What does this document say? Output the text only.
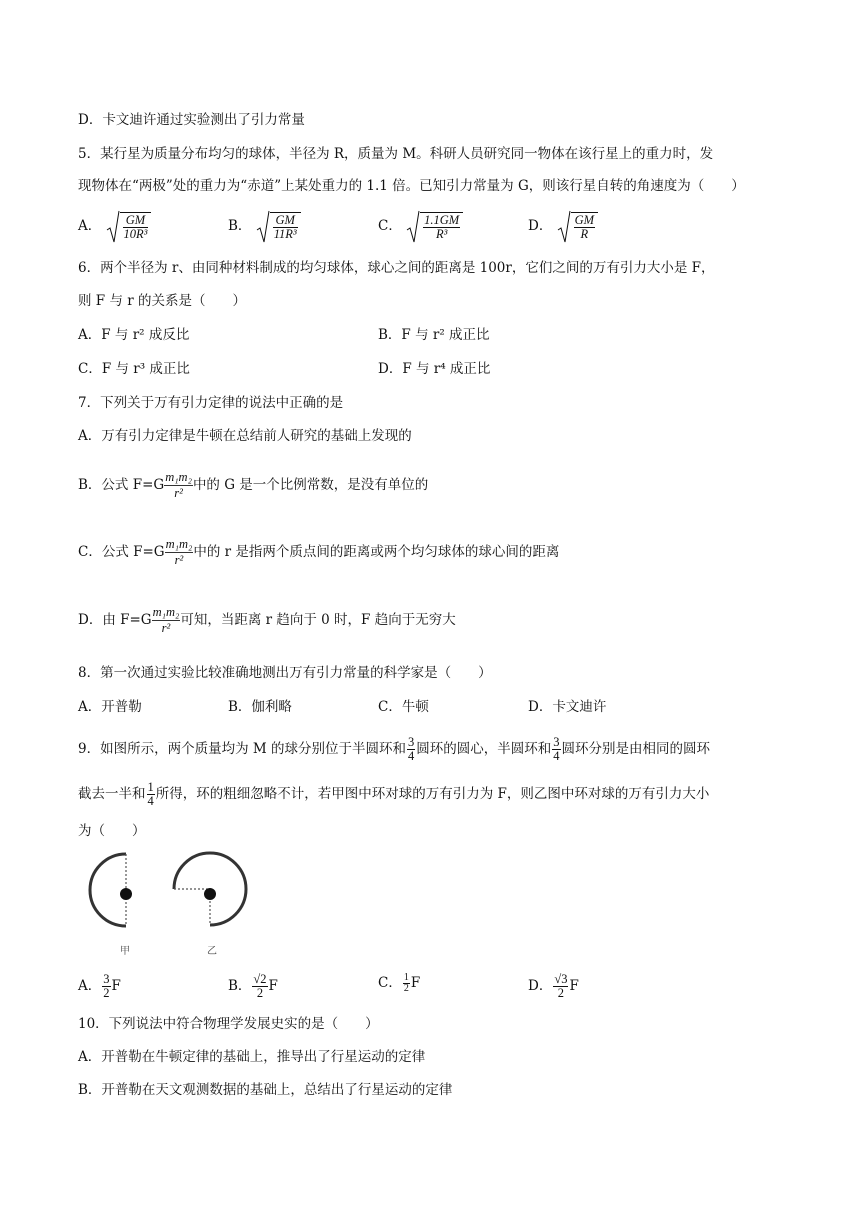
D．卡文迪许通过实验测出了引力常量
5．某行星为质量分布均匀的球体，半径为 R，质量为 M。科研人员研究同一物体在该行星上的重力时，发
现物体在“两极”处的重力为“赤道”上某处重力的 1.1 倍。已知引力常量为 G，则该行星自转的角速度为（　　）
A． $\frac{GM}{\text{10R³}}$	B． $\frac{GM}{\text{11R³}}$	C． $\frac{1.1GM}{\text{R³}}$	D． $\frac{GM}{R}$
6．两个半径为 r、由同种材料制成的均匀球体，球心之间的距离是 100r，它们之间的万有引力大小是 F，
则 F 与 r 的关系是（　　）
A．F 与 r² 成反比	B．F 与 r² 成正比
C．F 与 r³ 成正比	D．F 与 r⁴ 成正比
7．下列关于万有引力定律的说法中正确的是
A．万有引力定律是牛顿在总结前人研究的基础上发现的
B．公式 $F=G \frac{\text{m₁m₂}}{\text{r²}}$ 中的 G 是一个比例常数，是没有单位的
C．公式 $F=G \frac{\text{m₁m₂}}{\text{r²}}$ 中的 r 是指两个质点间的距离或两个均匀球体的球心间的距离
D．由 $F=G \frac{\text{m₁m₂}}{\text{r²}}$ 可知，当距离 r 趋向于 0 时，F 趋向于无穷大
8．第一次通过实验比较准确地测出万有引力常量的科学家是（　　）
A．开普勒	B．伽利略	C．牛顿	D．卡文迪许
9．如图所示，两个质量均为 M 的球分别位于半圆环和 $\frac{3}{4}$ 圆环的圆心，半圆环和 $\frac{3}{4}$ 圆环分别是由相同的圆环
截去一半和 $\frac{1}{4}$ 所得，环的粗细忽略不计，若甲图中环对球的万有引力为 F，则乙图中环对球的万有引力大小
为（　　）
甲	乙
A． $\frac{3}{2}$ F	B． $\frac{√2}{2}$ F	C． $\frac{1}{2}$ F	D． $\frac{√3}{2}$ F
10．下列说法中符合物理学发展史实的是（　　）
A．开普勒在牛顿定律的基础上，推导出了行星运动的定律
B．开普勒在天文观测数据的基础上，总结出了行星运动的定律
